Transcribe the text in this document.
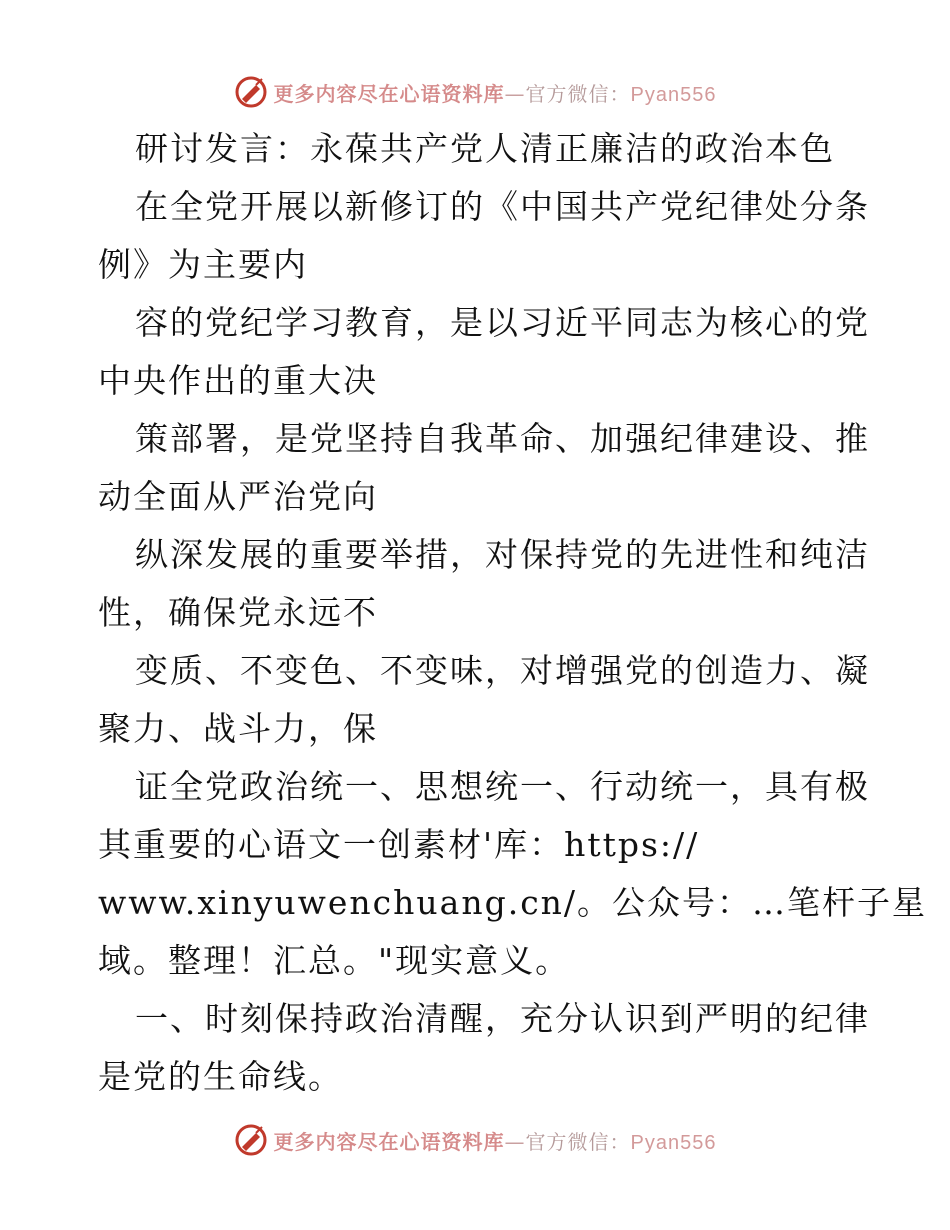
更多内容尽在心语资料库—官方微信：Pyan556
研讨发言：永葆共产党人清正廉洁的政治本色
在全党开展以新修订的《中国共产党纪律处分条
例》为主要内
容的党纪学习教育，是以习近平同志为核心的党
中央作出的重大决
策部署，是党坚持自我革命、加强纪律建设、推
动全面从严治党向
纵深发展的重要举措，对保持党的先进性和纯洁
性，确保党永远不
变质、不变色、不变味，对增强党的创造力、凝
聚力、战斗力，保
证全党政治统一、思想统一、行动统一，具有极
其重要的心语文一创素材'库：https://
www.xinyuwenchuang.cn/。公众号：…笔杆子星
域。整理！汇总。"现实意义。
一、时刻保持政治清醒，充分认识到严明的纪律
是党的生命线。
更多内容尽在心语资料库—官方微信：Pyan556
